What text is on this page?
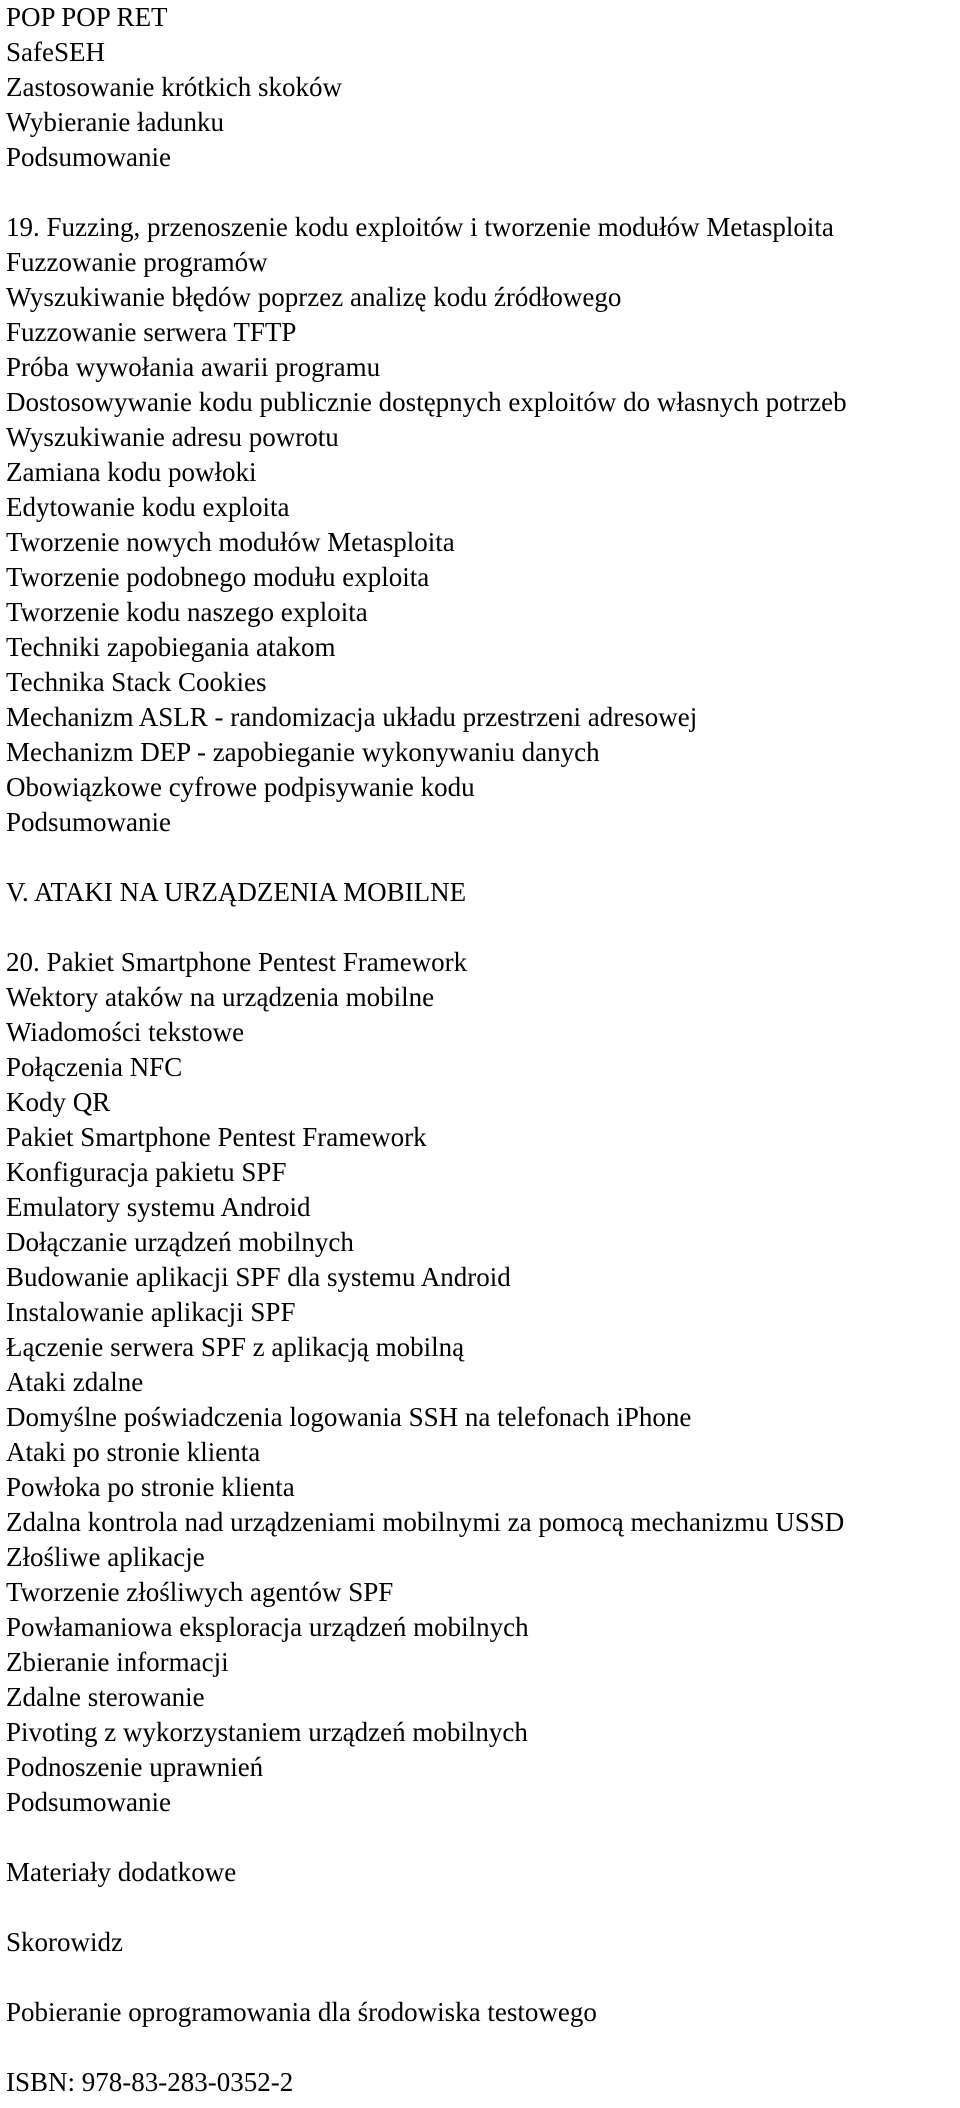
POP POP RET
SafeSEH
Zastosowanie krótkich skoków
Wybieranie ładunku
Podsumowanie
19. Fuzzing, przenoszenie kodu exploitów i tworzenie modułów Metasploita
Fuzzowanie programów
Wyszukiwanie błędów poprzez analizę kodu źródłowego
Fuzzowanie serwera TFTP
Próba wywołania awarii programu
Dostosowywanie kodu publicznie dostępnych exploitów do własnych potrzeb
Wyszukiwanie adresu powrotu
Zamiana kodu powłoki
Edytowanie kodu exploita
Tworzenie nowych modułów Metasploita
Tworzenie podobnego modułu exploita
Tworzenie kodu naszego exploita
Techniki zapobiegania atakom
Technika Stack Cookies
Mechanizm ASLR - randomizacja układu przestrzeni adresowej
Mechanizm DEP - zapobieganie wykonywaniu danych
Obowiązkowe cyfrowe podpisywanie kodu
Podsumowanie
V. ATAKI NA URZĄDZENIA MOBILNE
20. Pakiet Smartphone Pentest Framework
Wektory ataków na urządzenia mobilne
Wiadomości tekstowe
Połączenia NFC
Kody QR
Pakiet Smartphone Pentest Framework
Konfiguracja pakietu SPF
Emulatory systemu Android
Dołączanie urządzeń mobilnych
Budowanie aplikacji SPF dla systemu Android
Instalowanie aplikacji SPF
Łączenie serwera SPF z aplikacją mobilną
Ataki zdalne
Domyślne poświadczenia logowania SSH na telefonach iPhone
Ataki po stronie klienta
Powłoka po stronie klienta
Zdalna kontrola nad urządzeniami mobilnymi za pomocą mechanizmu USSD
Złośliwe aplikacje
Tworzenie złośliwych agentów SPF
Powłamaniowa eksploracja urządzeń mobilnych
Zbieranie informacji
Zdalne sterowanie
Pivoting z wykorzystaniem urządzeń mobilnych
Podnoszenie uprawnień
Podsumowanie
Materiały dodatkowe
Skorowidz
Pobieranie oprogramowania dla środowiska testowego
ISBN: 978-83-283-0352-2
